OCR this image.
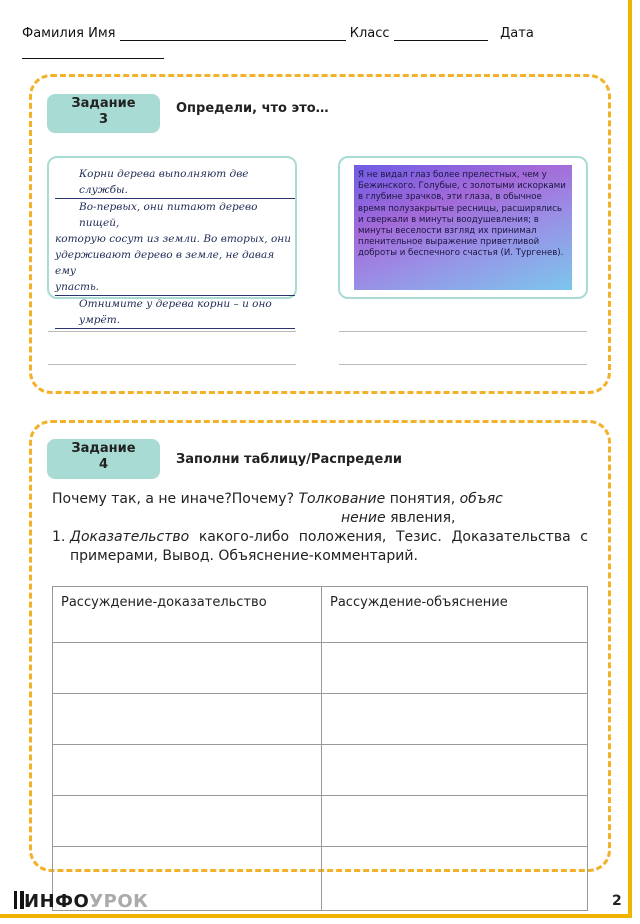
Фамилия Имя	Класс	Дата
Задание
3
Определи, что это…
Корни дерева выполняют две службы.
Во-первых, они питают дерево пищей,
которую сосут из земли. Во вторых, они
удерживают дерево в земле, не давая ему
упасть.
Отнимите у дерева корни – и оно умрёт.
Я не видал глаз более прелестных, чем у Бежинского. Голубые, с золотыми искорками в глубине зрачков, эти глаза, в обычное время полузакрытые ресницы, расширялись и сверкали в минуты воодушевления; в минуты веселости взгляд их принимал пленительное выражение приветливой доброты и беспечного счастья (И. Тургенев).
Задание
4	Заполни таблицу/Распредели
Почему так, а не иначе?Почему? Толкование понятия, объяс
нение явления,
1. Доказательство какого-либо положения, Тезис. Доказательства с примерами, Вывод. Объяснение-комментарий.
Рассуждение-доказательство	Рассуждение-объяснение

ИНФОУРОК	2
